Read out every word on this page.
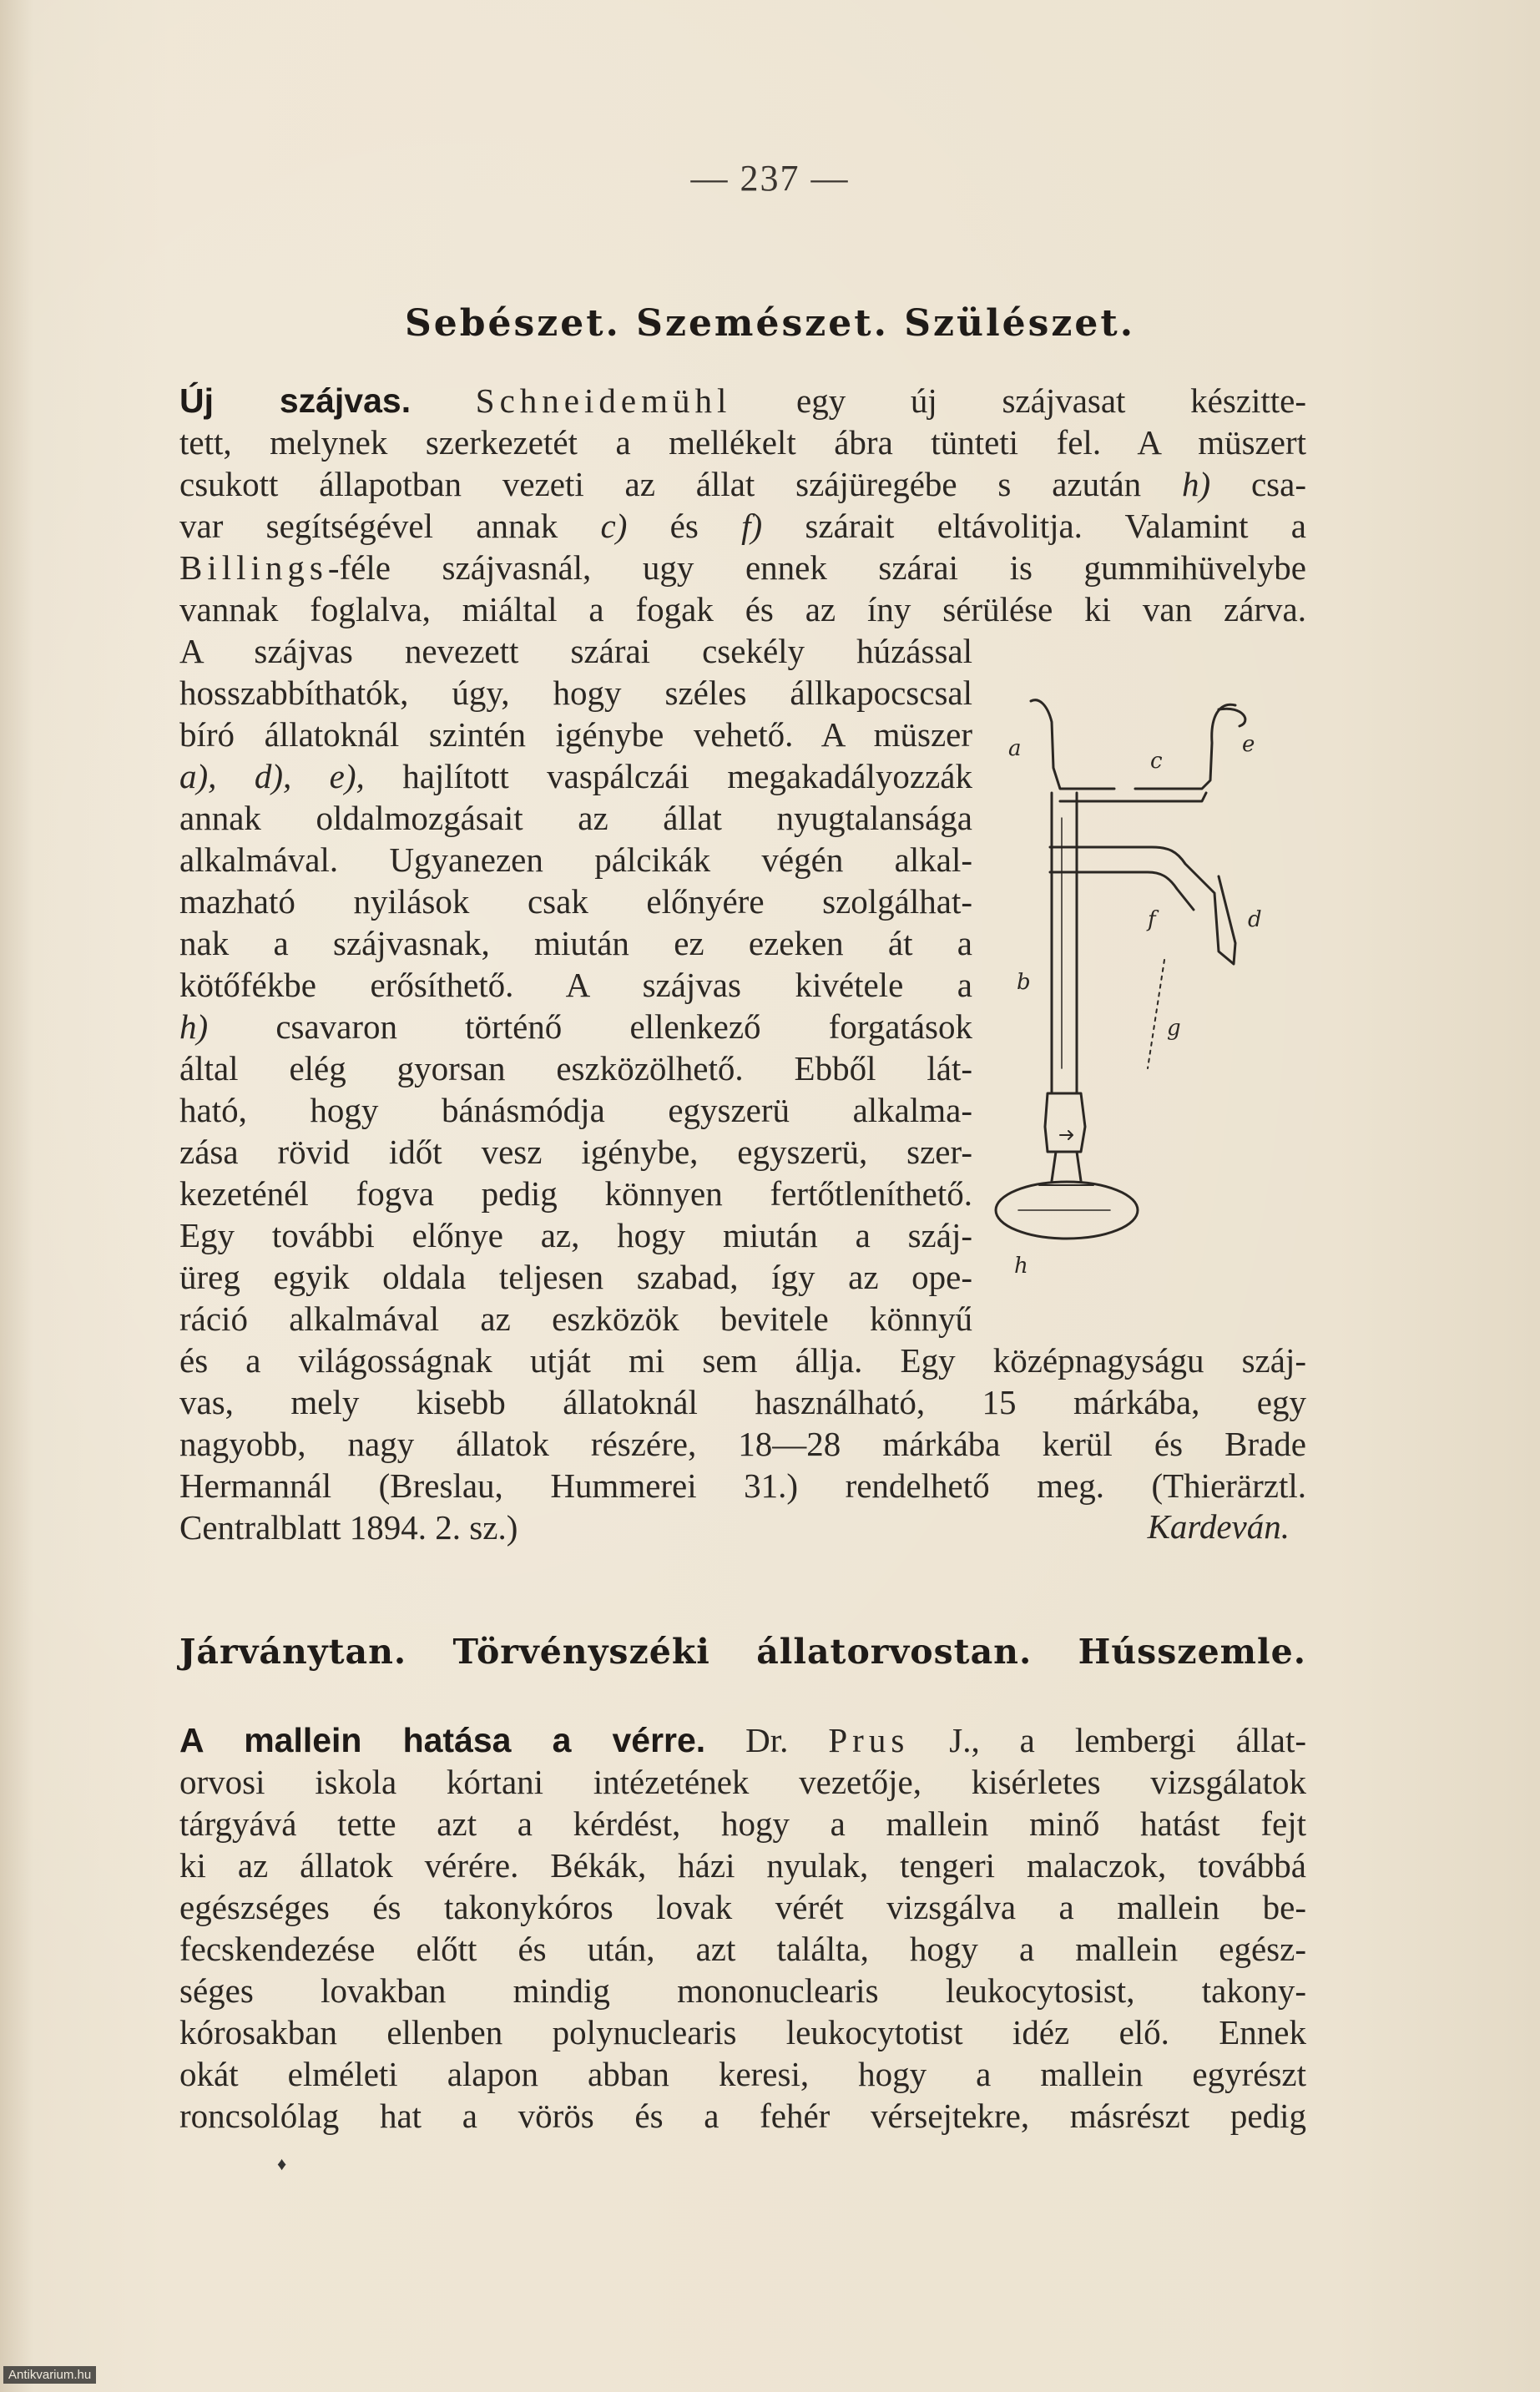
— 237 —
Sebészet. Szemészet. Szülészet.
Új szájvas. Schneidemühl egy új szájvasat készitte-
tett, melynek szerkezetét a mellékelt ábra tünteti fel. A müszert
csukott állapotban vezeti az állat szájüregébe s azután h) csa-
var segítségével annak c) és f) szárait eltávolitja. Valamint a
Billings-féle szájvasnál, ugy ennek szárai is gummihüvelybe
vannak foglalva, miáltal a fogak és az íny sérülése ki van zárva.
A szájvas nevezett szárai csekély húzással
hosszabbíthatók, úgy, hogy széles állkapocscsal
bíró állatoknál szintén igénybe vehető. A müszer
a), d), e), hajlított vaspálczái megakadályozzák
annak oldalmozgásait az állat nyugtalansága
alkalmával. Ugyanezen pálcikák végén alkal-
mazható nyilások csak előnyére szolgálhat-
nak a szájvasnak, miután ez ezeken át a
kötőfékbe erősíthető. A szájvas kivétele a
h) csavaron történő ellenkező forgatások
által elég gyorsan eszközölhető. Ebből lát-
ható, hogy bánásmódja egyszerü alkalma-
zása rövid időt vesz igénybe, egyszerü, szer-
kezeténél fogva pedig könnyen fertőtleníthető.
Egy további előnye az, hogy miután a száj-
üreg egyik oldala teljesen szabad, így az ope-
ráció alkalmával az eszközök bevitele könnyű
a	c
e
f	d
b
g
h
és a világosságnak utját mi sem állja. Egy középnagyságu száj-
vas, mely kisebb állatoknál használható, 15 márkába, egy
nagyobb, nagy állatok részére, 18—28 márkába kerül és Brade
Hermannál (Breslau, Hummerei 31.) rendelhető meg. (Thierärztl.
Centralblatt 1894. 2. sz.)	Kardeván.
Járványtan. Törvényszéki állatorvostan. Hússzemle.
A mallein hatása a vérre. Dr. Prus J., a lembergi állat-
orvosi iskola kórtani intézetének vezetője, kisérletes vizsgálatok
tárgyává tette azt a kérdést, hogy a mallein minő hatást fejt
ki az állatok vérére. Békák, házi nyulak, tengeri malaczok, továbbá
egészséges és takonykóros lovak vérét vizsgálva a mallein be-
fecskendezése előtt és után, azt találta, hogy a mallein egész-
séges lovakban mindig mononuclearis leukocytosist, takony-
kórosakban ellenben polynuclearis leukocytotist idéz elő. Ennek
okát elméleti alapon abban keresi, hogy a mallein egyrészt
roncsolólag hat a vörös és a fehér vérsejtekre, másrészt pedig
♦
Antikvarium.hu
